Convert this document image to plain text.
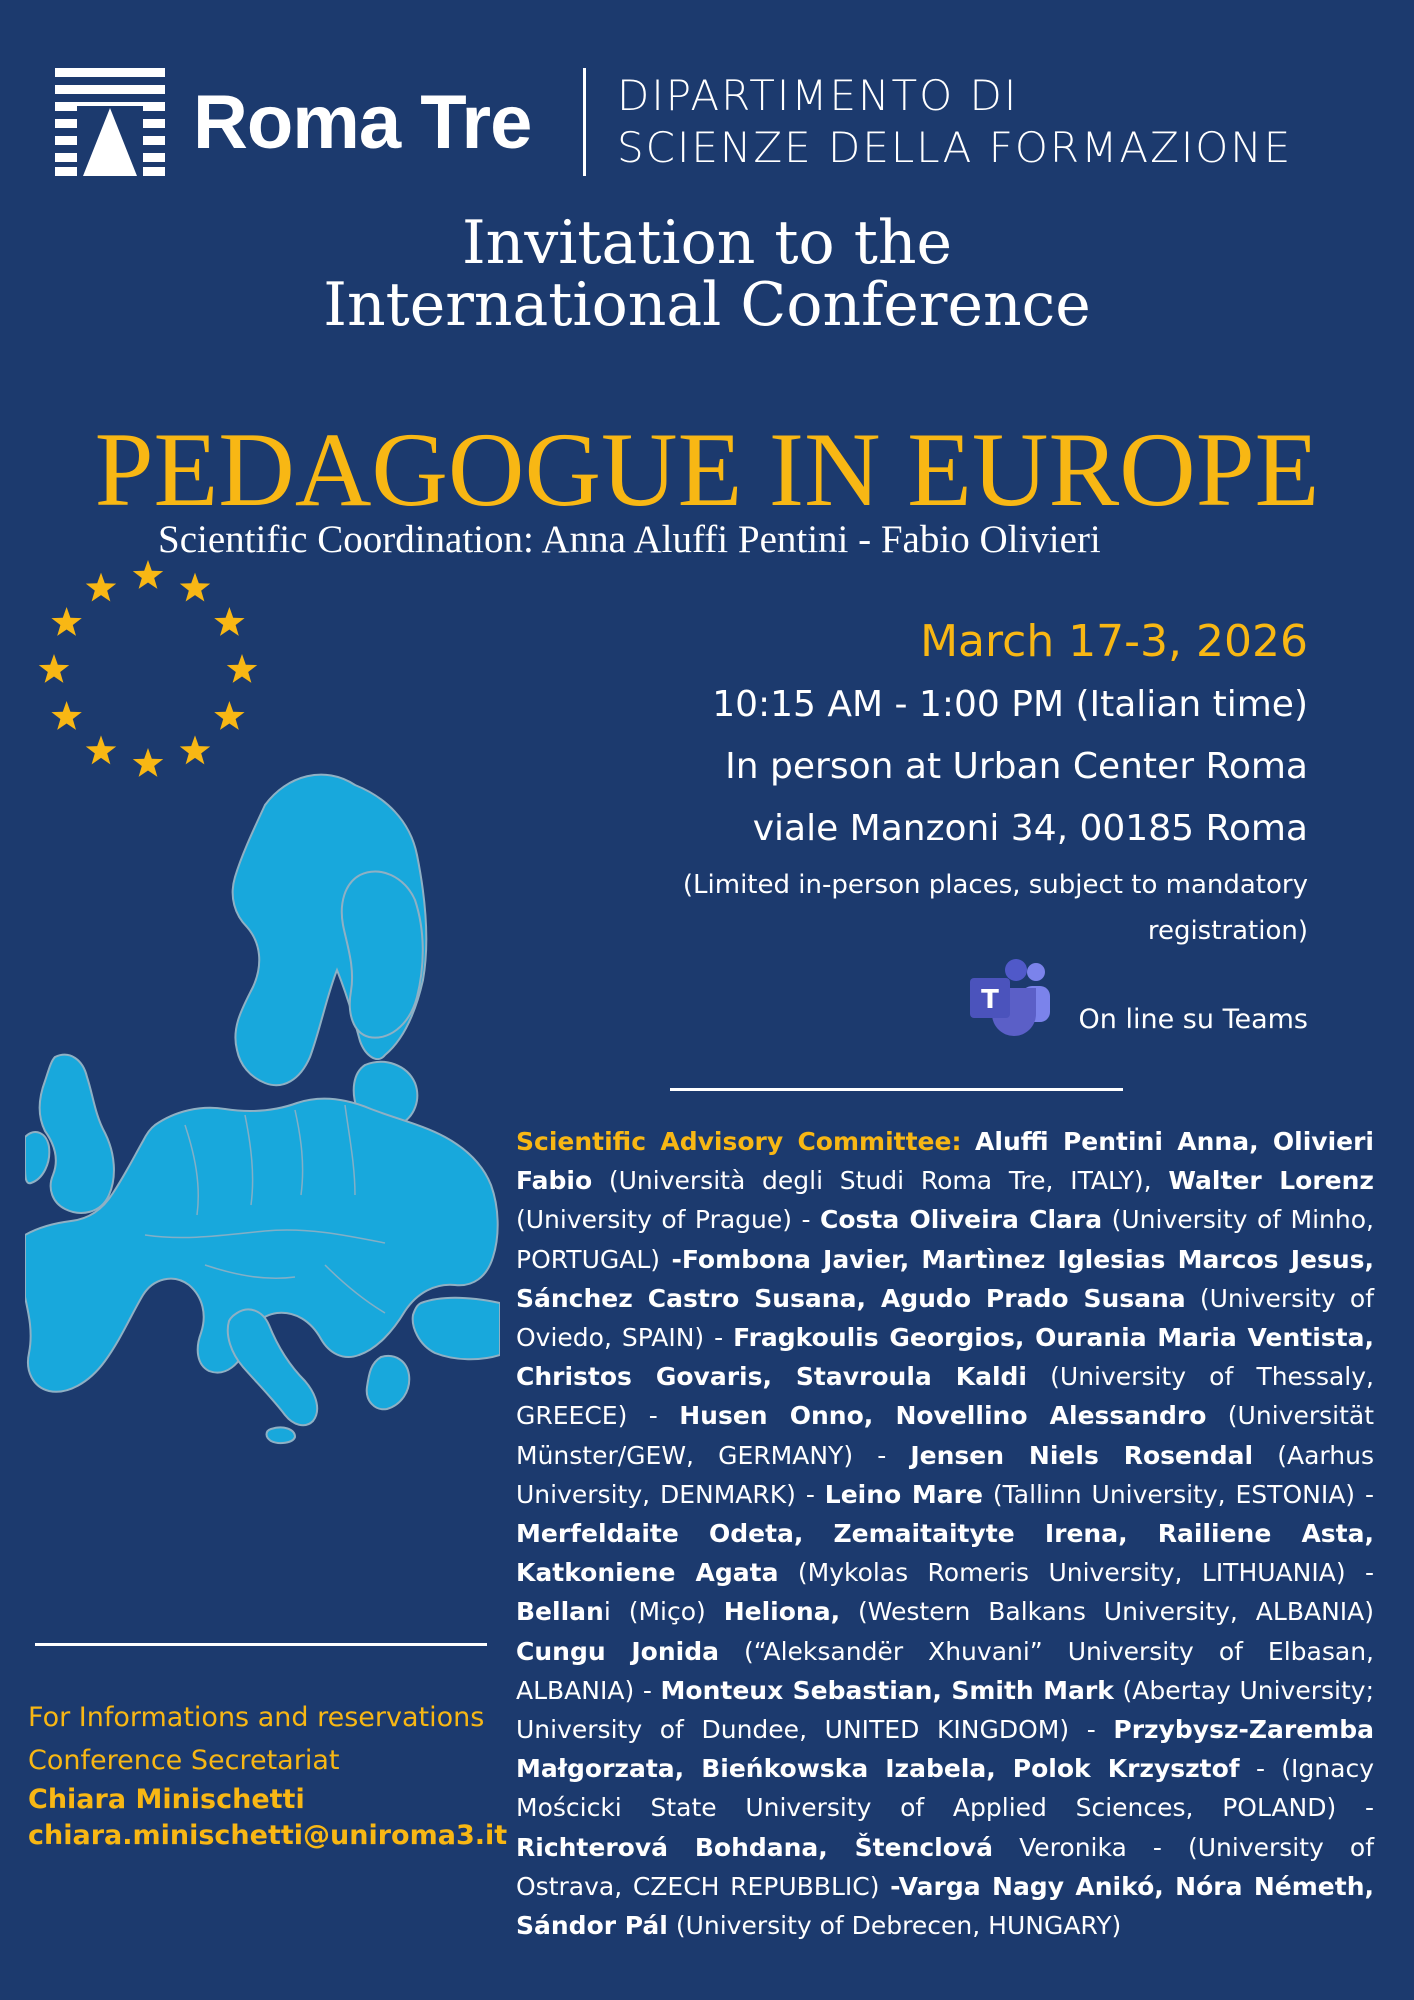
Roma Tre DIPARTIMENTO DI
SCIENZE DELLA FORMAZIONE
Invitation to the
International Conference
PEDAGOGUE IN EUROPE
Scientific Coordination: Anna Aluffi Pentini - Fabio Olivieri
March 17-3, 2026
10:15 AM - 1:00 PM (Italian time)
In person at Urban Center Roma
viale Manzoni 34, 00185 Roma
(Limited in-person places, subject to mandatory registration)
T
On line su Teams
Scientific Advisory Committee: Aluffi Pentini Anna, Olivieri Fabio (Università degli Studi Roma Tre, ITALY), Walter Lorenz (University of Prague) - Costa Oliveira Clara (University of Minho, PORTUGAL) -Fombona Javier, Martìnez Iglesias Marcos Jesus, Sánchez Castro Susana, Agudo Prado Susana (University of Oviedo, SPAIN) - Fragkoulis Georgios, Ourania Maria Ventista, Christos Govaris, Stavroula Kaldi (University of Thessaly, GREECE) - Husen Onno, Novellino Alessandro (Universität Münster/GEW, GERMANY) - Jensen Niels Rosendal (Aarhus University, DENMARK) - Leino Mare (Tallinn University, ESTONIA) - Merfeldaite Odeta, Zemaitaityte Irena, Railiene Asta, Katkoniene Agata (Mykolas Romeris University, LITHUANIA) - Bellani (Miço) Heliona, (Western Balkans University, ALBANIA) Cungu Jonida (“Aleksandër Xhuvani” University of Elbasan, ALBANIA) - Monteux Sebastian, Smith Mark (Abertay University; University of Dundee, UNITED KINGDOM) - Przybysz-Zaremba Małgorzata, Bieńkowska Izabela, Polok Krzysztof - (Ignacy Mościcki State University of Applied Sciences, POLAND) - Richterová Bohdana, Štenclová Veronika - (University of Ostrava, CZECH REPUBBLIC) -Varga Nagy Anikó, Nóra Németh, Sándor Pál (University of Debrecen, HUNGARY)
For Informations and reservations
Conference Secretariat
Chiara Minischetti
chiara.minischetti@uniroma3.it
